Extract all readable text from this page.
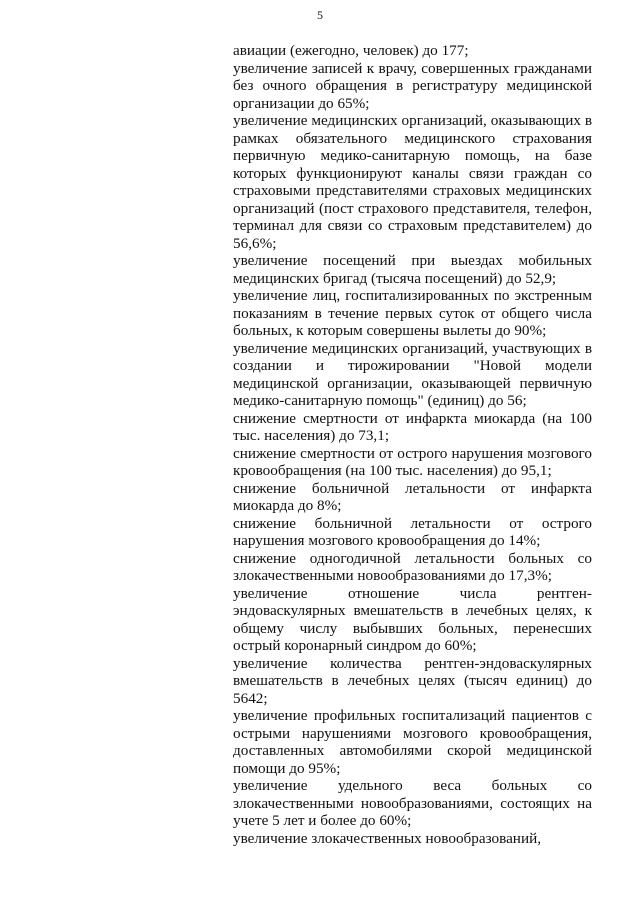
5

авиации (ежегодно, человек) до 177;

увеличение записей к врачу, совершенных гражданами без очного обращения в регистратуру медицинской организации до 65%;

увеличение медицинских организаций, оказывающих в рамках обязательного медицинского страхования первичную медико-санитарную помощь, на базе которых функционируют каналы связи граждан со страховыми представителями страховых медицинских организаций (пост страхового представителя, телефон, терминал для связи со страховым представителем) до 56,6%;

увеличение посещений при выездах мобильных медицинских бригад (тысяча посещений) до 52,9;

увеличение лиц, госпитализированных по экстренным показаниям в течение первых суток от общего числа больных, к которым совершены вылеты до 90%;

увеличение медицинских организаций, участвующих в создании и тирожировании "Новой модели медицинской организации, оказывающей первичную медико-санитарную помощь" (единиц) до 56;

снижение смертности от инфаркта миокарда (на 100 тыс. населения) до 73,1;

снижение смертности от острого нарушения мозгового кровообращения (на 100 тыс. населения) до 95,1;

снижение больничной летальности от инфаркта миокарда до 8%;

снижение больничной летальности от острого нарушения мозгового кровообращения до 14%;

снижение одногодичной летальности больных со злокачественными новообразованиями до 17,3%;

увеличение отношение числа рентген-эндоваскулярных вмешательств в лечебных целях, к общему числу выбывших больных, перенесших острый коронарный синдром до 60%;

увеличение количества рентген-эндоваскулярных вмешательств в лечебных целях (тысяч единиц) до 5642;

увеличение профильных госпитализаций пациентов с острыми нарушениями мозгового кровообращения, доставленных автомобилями скорой медицинской помощи до 95%;

увеличение удельного веса больных со злокачественными новообразованиями, состоящих на учете 5 лет и более до 60%;

увеличение злокачественных новообразований,
